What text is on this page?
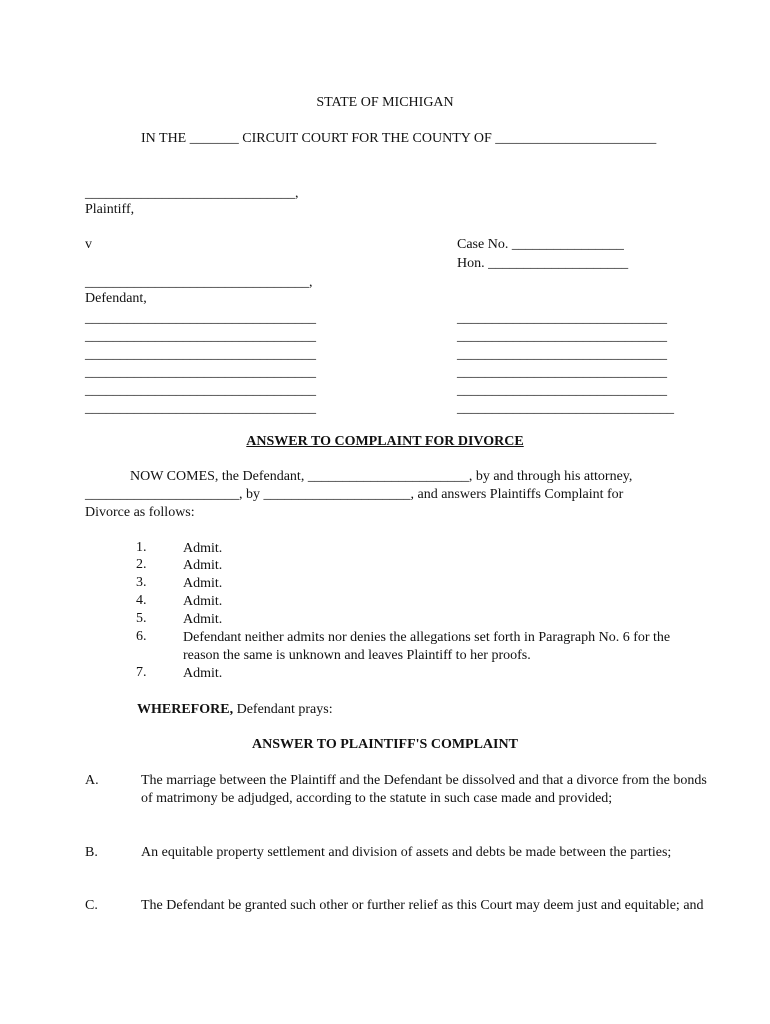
STATE OF MICHIGAN
IN THE _______ CIRCUIT COURT FOR THE COUNTY OF _______________________
______________________________,
Plaintiff,
v
________________________________,
Defendant,
Case No. ________________
Hon. ____________________
_________________________________
_________________________________
_________________________________
_________________________________
_________________________________
_________________________________
______________________________
______________________________
______________________________
______________________________
______________________________
_______________________________
ANSWER TO COMPLAINT FOR DIVORCE
NOW COMES, the Defendant, _______________________, by and through his attorney,
______________________, by _____________________, and answers Plaintiffs Complaint for
Divorce as follows:
1.	Admit.
2.	Admit.
3.	Admit.
4.	Admit.
5.	Admit.
6.	Defendant neither admits nor denies the allegations set forth in Paragraph No. 6 for the reason the same is unknown and leaves Plaintiff to her proofs.
7.	Admit.
WHEREFORE, Defendant prays:
ANSWER TO PLAINTIFF'S COMPLAINT
A.	The marriage between the Plaintiff and the Defendant be dissolved and that a divorce from the bonds of matrimony be adjudged, according to the statute in such case made and provided;
B.	An equitable property settlement and division of assets and debts be made between the parties;
C.	The Defendant be granted such other or further relief as this Court may deem just and equitable; and
